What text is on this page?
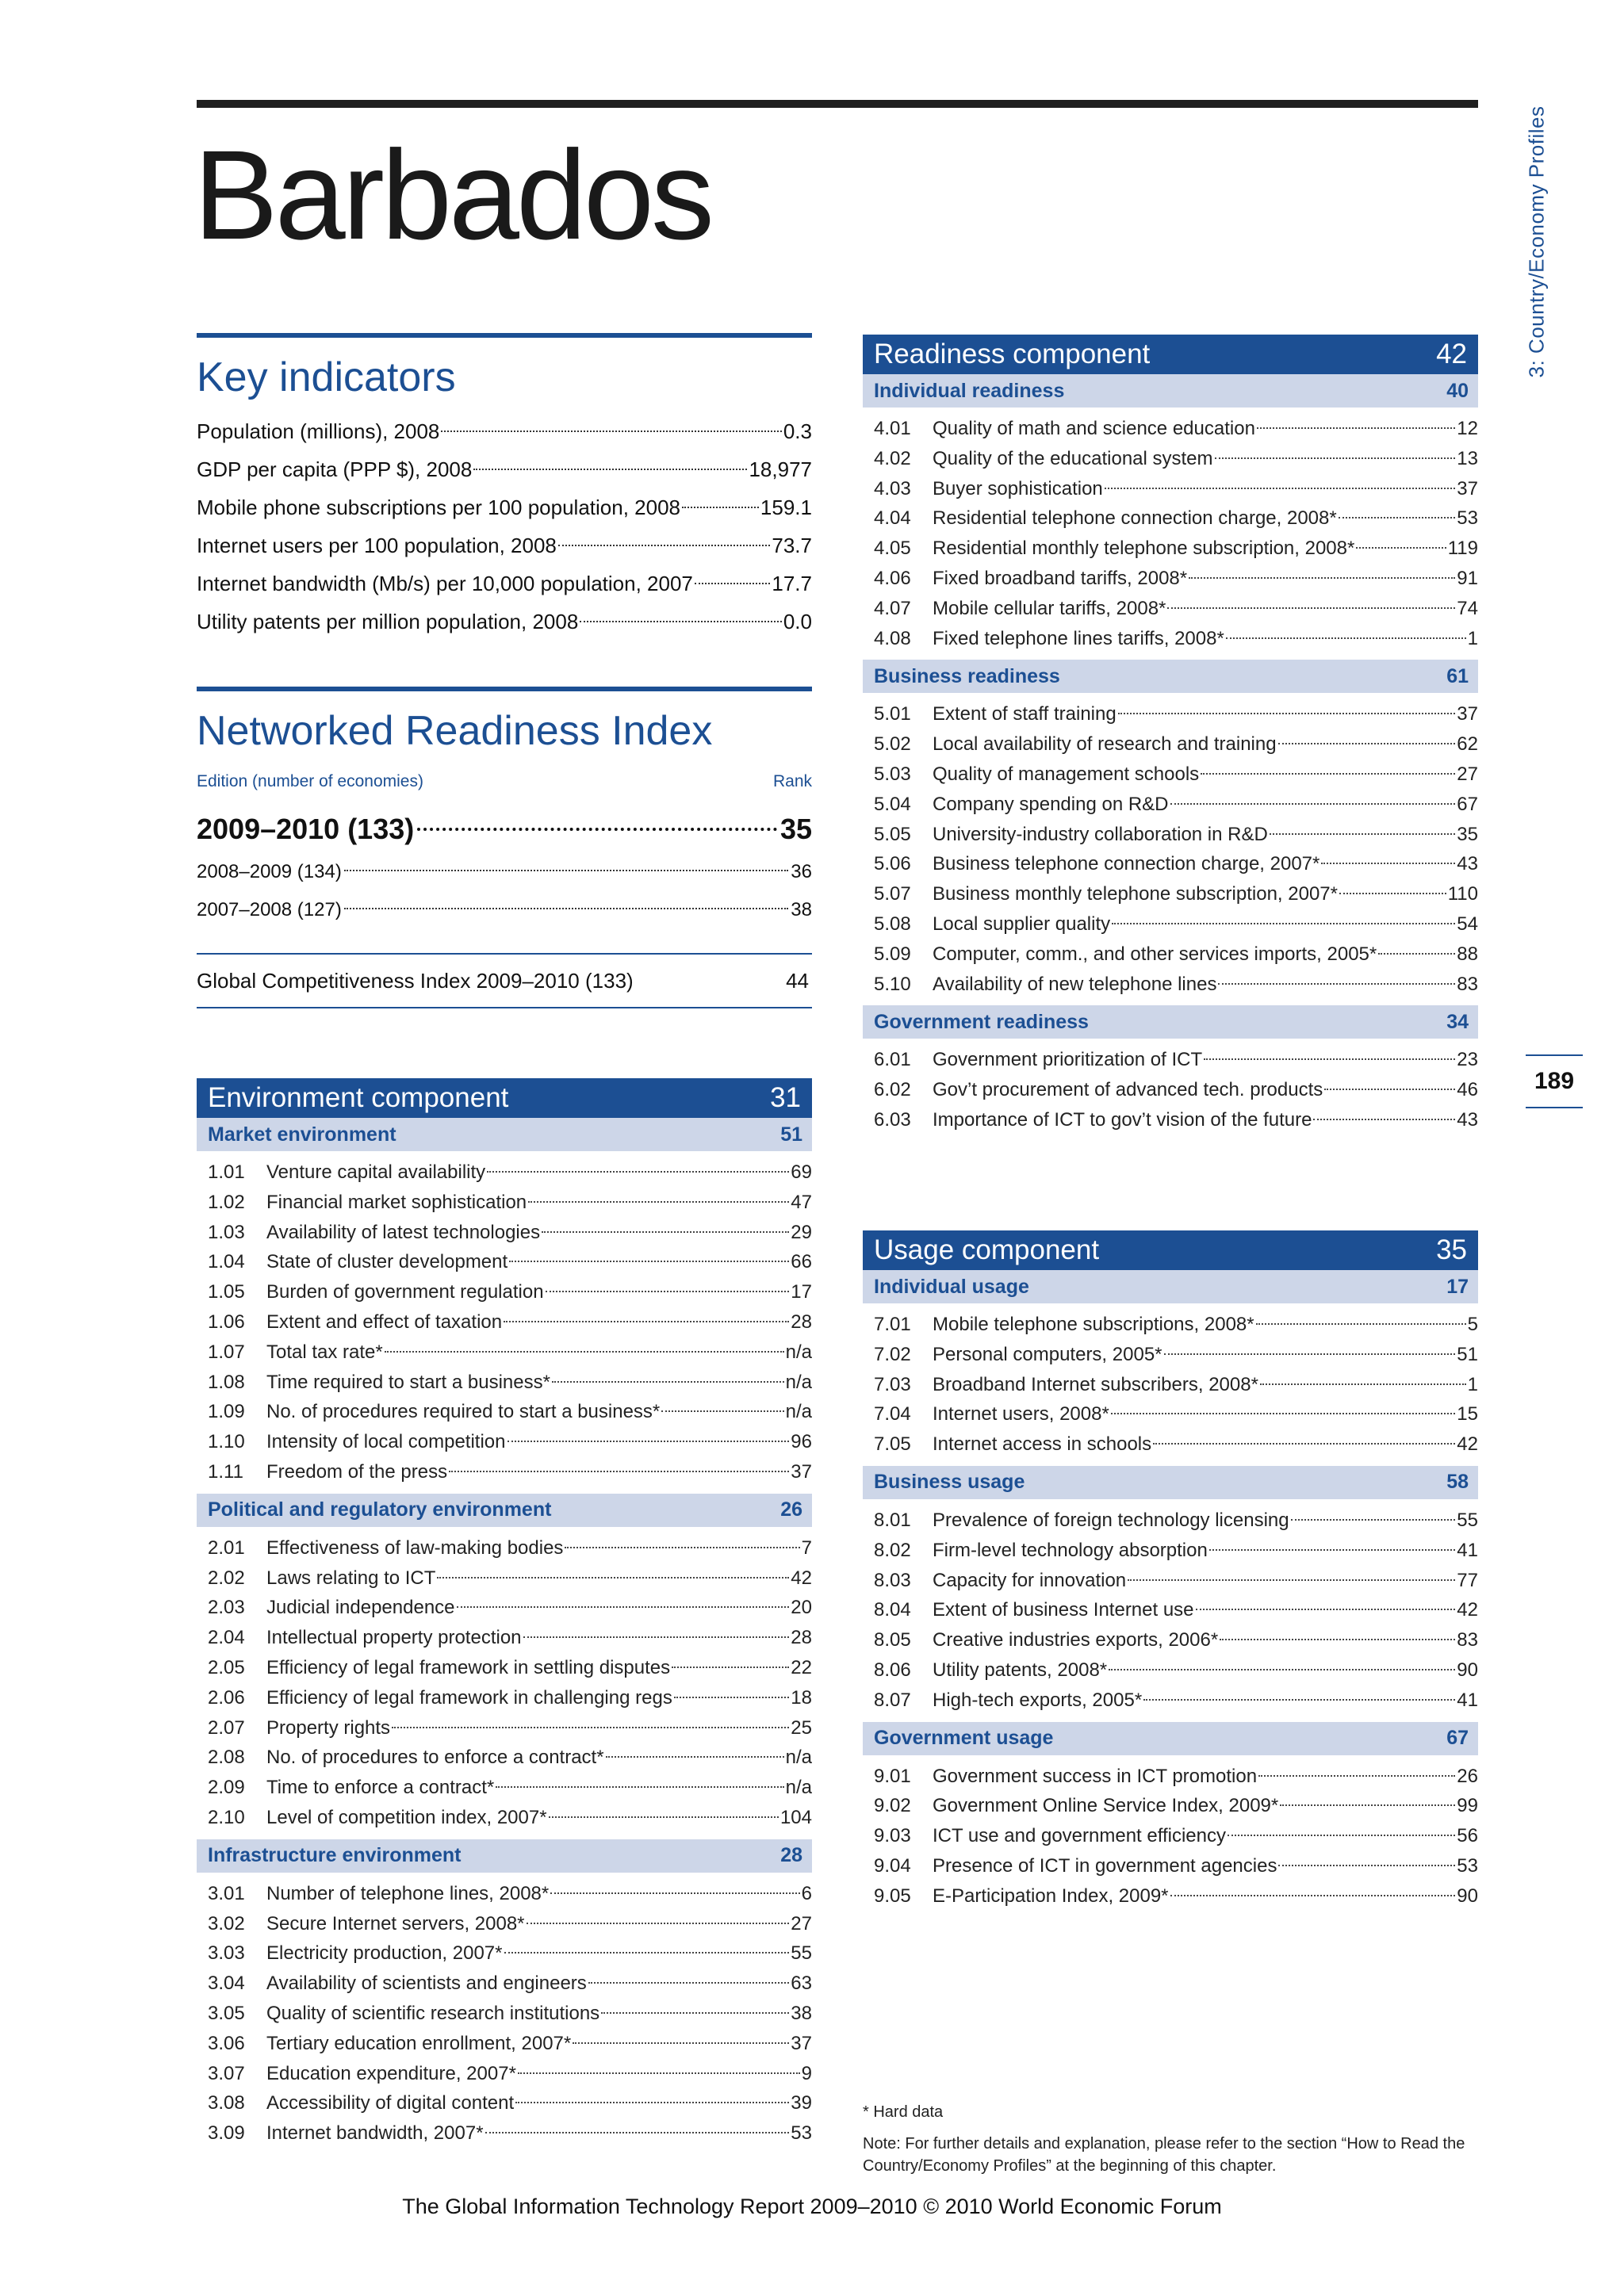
Barbados	3: Country/Economy Profiles
189
Key indicators
Population (millions), 2008	0.3
GDP per capita (PPP $), 2008	18,977
Mobile phone subscriptions per 100 population, 2008	159.1
Internet users per 100 population, 2008	73.7
Internet bandwidth (Mb/s) per 10,000 population, 2007	17.7
Utility patents per million population, 2008	0.0
Networked Readiness Index
Edition (number of economies)	Rank
2009–2010 (133)	35
2008–2009 (134)	36
2007–2008 (127)	38
Global Competitiveness Index 2009–2010 (133)	44
Environment component	31
Market environment	51
1.01	Venture capital availability	69
1.02	Financial market sophistication	47
1.03	Availability of latest technologies	29
1.04	State of cluster development	66
1.05	Burden of government regulation	17
1.06	Extent and effect of taxation	28
1.07	Total tax rate*	n/a
1.08	Time required to start a business*	n/a
1.09	No. of procedures required to start a business*	n/a
1.10	Intensity of local competition	96
1.11	Freedom of the press	37
Political and regulatory environment	26
2.01	Effectiveness of law-making bodies	7
2.02	Laws relating to ICT	42
2.03	Judicial independence	20
2.04	Intellectual property protection	28
2.05	Efficiency of legal framework in settling disputes	22
2.06	Efficiency of legal framework in challenging regs	18
2.07	Property rights	25
2.08	No. of procedures to enforce a contract*	n/a
2.09	Time to enforce a contract*	n/a
2.10	Level of competition index, 2007*	104
Infrastructure environment	28
3.01	Number of telephone lines, 2008*	6
3.02	Secure Internet servers, 2008*	27
3.03	Electricity production, 2007*	55
3.04	Availability of scientists and engineers	63
3.05	Quality of scientific research institutions	38
3.06	Tertiary education enrollment, 2007*	37
3.07	Education expenditure, 2007*	9
3.08	Accessibility of digital content	39
3.09	Internet bandwidth, 2007*	53
Readiness component	42
Individual readiness	40
4.01	Quality of math and science education	12
4.02	Quality of the educational system	13
4.03	Buyer sophistication	37
4.04	Residential telephone connection charge, 2008*	53
4.05	Residential monthly telephone subscription, 2008*	119
4.06	Fixed broadband tariffs, 2008*	91
4.07	Mobile cellular tariffs, 2008*	74
4.08	Fixed telephone lines tariffs, 2008*	1
Business readiness	61
5.01	Extent of staff training	37
5.02	Local availability of research and training	62
5.03	Quality of management schools	27
5.04	Company spending on R&D	67
5.05	University-industry collaboration in R&D	35
5.06	Business telephone connection charge, 2007*	43
5.07	Business monthly telephone subscription, 2007*	110
5.08	Local supplier quality	54
5.09	Computer, comm., and other services imports, 2005*	88
5.10	Availability of new telephone lines	83
Government readiness	34
6.01	Government prioritization of ICT	23
6.02	Gov’t procurement of advanced tech. products	46
6.03	Importance of ICT to gov’t vision of the future	43
Usage component	35
Individual usage	17
7.01	Mobile telephone subscriptions, 2008*	5
7.02	Personal computers, 2005*	51
7.03	Broadband Internet subscribers, 2008*	1
7.04	Internet users, 2008*	15
7.05	Internet access in schools	42
Business usage	58
8.01	Prevalence of foreign technology licensing	55
8.02	Firm-level technology absorption	41
8.03	Capacity for innovation	77
8.04	Extent of business Internet use	42
8.05	Creative industries exports, 2006*	83
8.06	Utility patents, 2008*	90
8.07	High-tech exports, 2005*	41
Government usage	67
9.01	Government success in ICT promotion	26
9.02	Government Online Service Index, 2009*	99
9.03	ICT use and government efficiency	56
9.04	Presence of ICT in government agencies	53
9.05	E-Participation Index, 2009*	90
* Hard data
Note: For further details and explanation, please refer to the section “How to Read the Country/Economy Profiles” at the beginning of this chapter.
The Global Information Technology Report 2009–2010 © 2010 World Economic Forum
